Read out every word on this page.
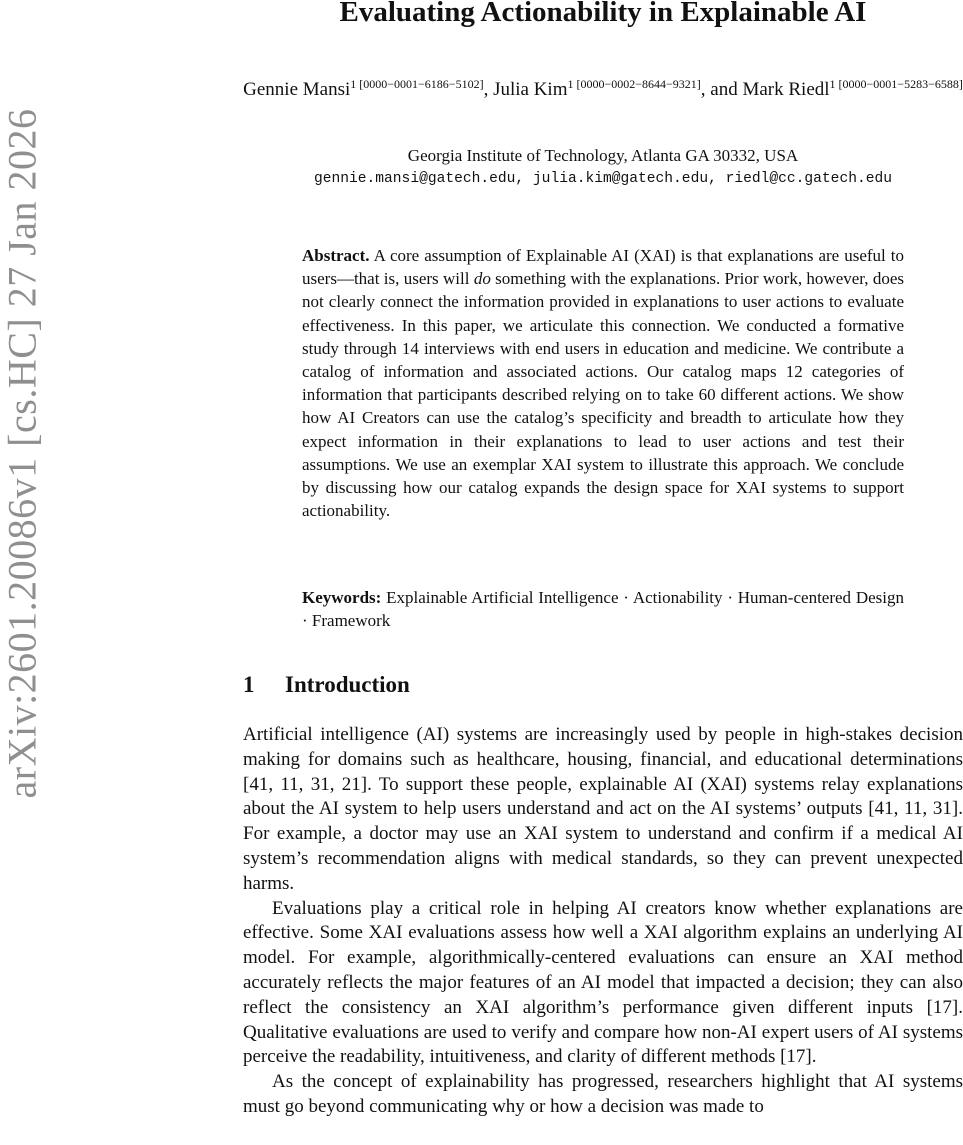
arXiv:2601.20086v1 [cs.HC] 27 Jan 2026
Evaluating Actionability in Explainable AI
Gennie Mansi$^{1 [0000-0001-6186-5102]}$, Julia Kim$^{1 [0000-0002-8644-9321]}$, and Mark Riedl$^{1 [0000-0001-5283-6588]}$
Georgia Institute of Technology, Atlanta GA 30332, USA
gennie.mansi@gatech.edu, julia.kim@gatech.edu, riedl@cc.gatech.edu
Abstract. A core assumption of Explainable AI (XAI) is that explanations are useful to users—that is, users will do something with the explanations. Prior work, however, does not clearly connect the information provided in explanations to user actions to evaluate effectiveness. In this paper, we articulate this connection. We conducted a formative study through 14 interviews with end users in education and medicine. We contribute a catalog of information and associated actions. Our catalog maps 12 categories of information that participants described relying on to take 60 different actions. We show how AI Creators can use the catalog’s specificity and breadth to articulate how they expect information in their explanations to lead to user actions and test their assumptions. We use an exemplar XAI system to illustrate this approach. We conclude by discussing how our catalog expands the design space for XAI systems to support actionability.
Keywords: Explainable Artificial Intelligence · Actionability · Human-centered Design · Framework
1 Introduction

Artificial intelligence (AI) systems are increasingly used by people in high-stakes decision making for domains such as healthcare, housing, financial, and educational determinations [41, 11, 31, 21]. To support these people, explainable AI (XAI) systems relay explanations about the AI system to help users understand and act on the AI systems’ outputs [41, 11, 31]. For example, a doctor may use an XAI system to understand and confirm if a medical AI system’s recommendation aligns with medical standards, so they can prevent unexpected harms.

Evaluations play a critical role in helping AI creators know whether explanations are effective. Some XAI evaluations assess how well a XAI algorithm explains an underlying AI model. For example, algorithmically-centered evaluations can ensure an XAI method accurately reflects the major features of an AI model that impacted a decision; they can also reflect the consistency an XAI algorithm’s performance given different inputs [17]. Qualitative evaluations are used to verify and compare how non-AI expert users of AI systems perceive the readability, intuitiveness, and clarity of different methods [17].

As the concept of explainability has progressed, researchers highlight that AI systems must go beyond communicating why or how a decision was made to
